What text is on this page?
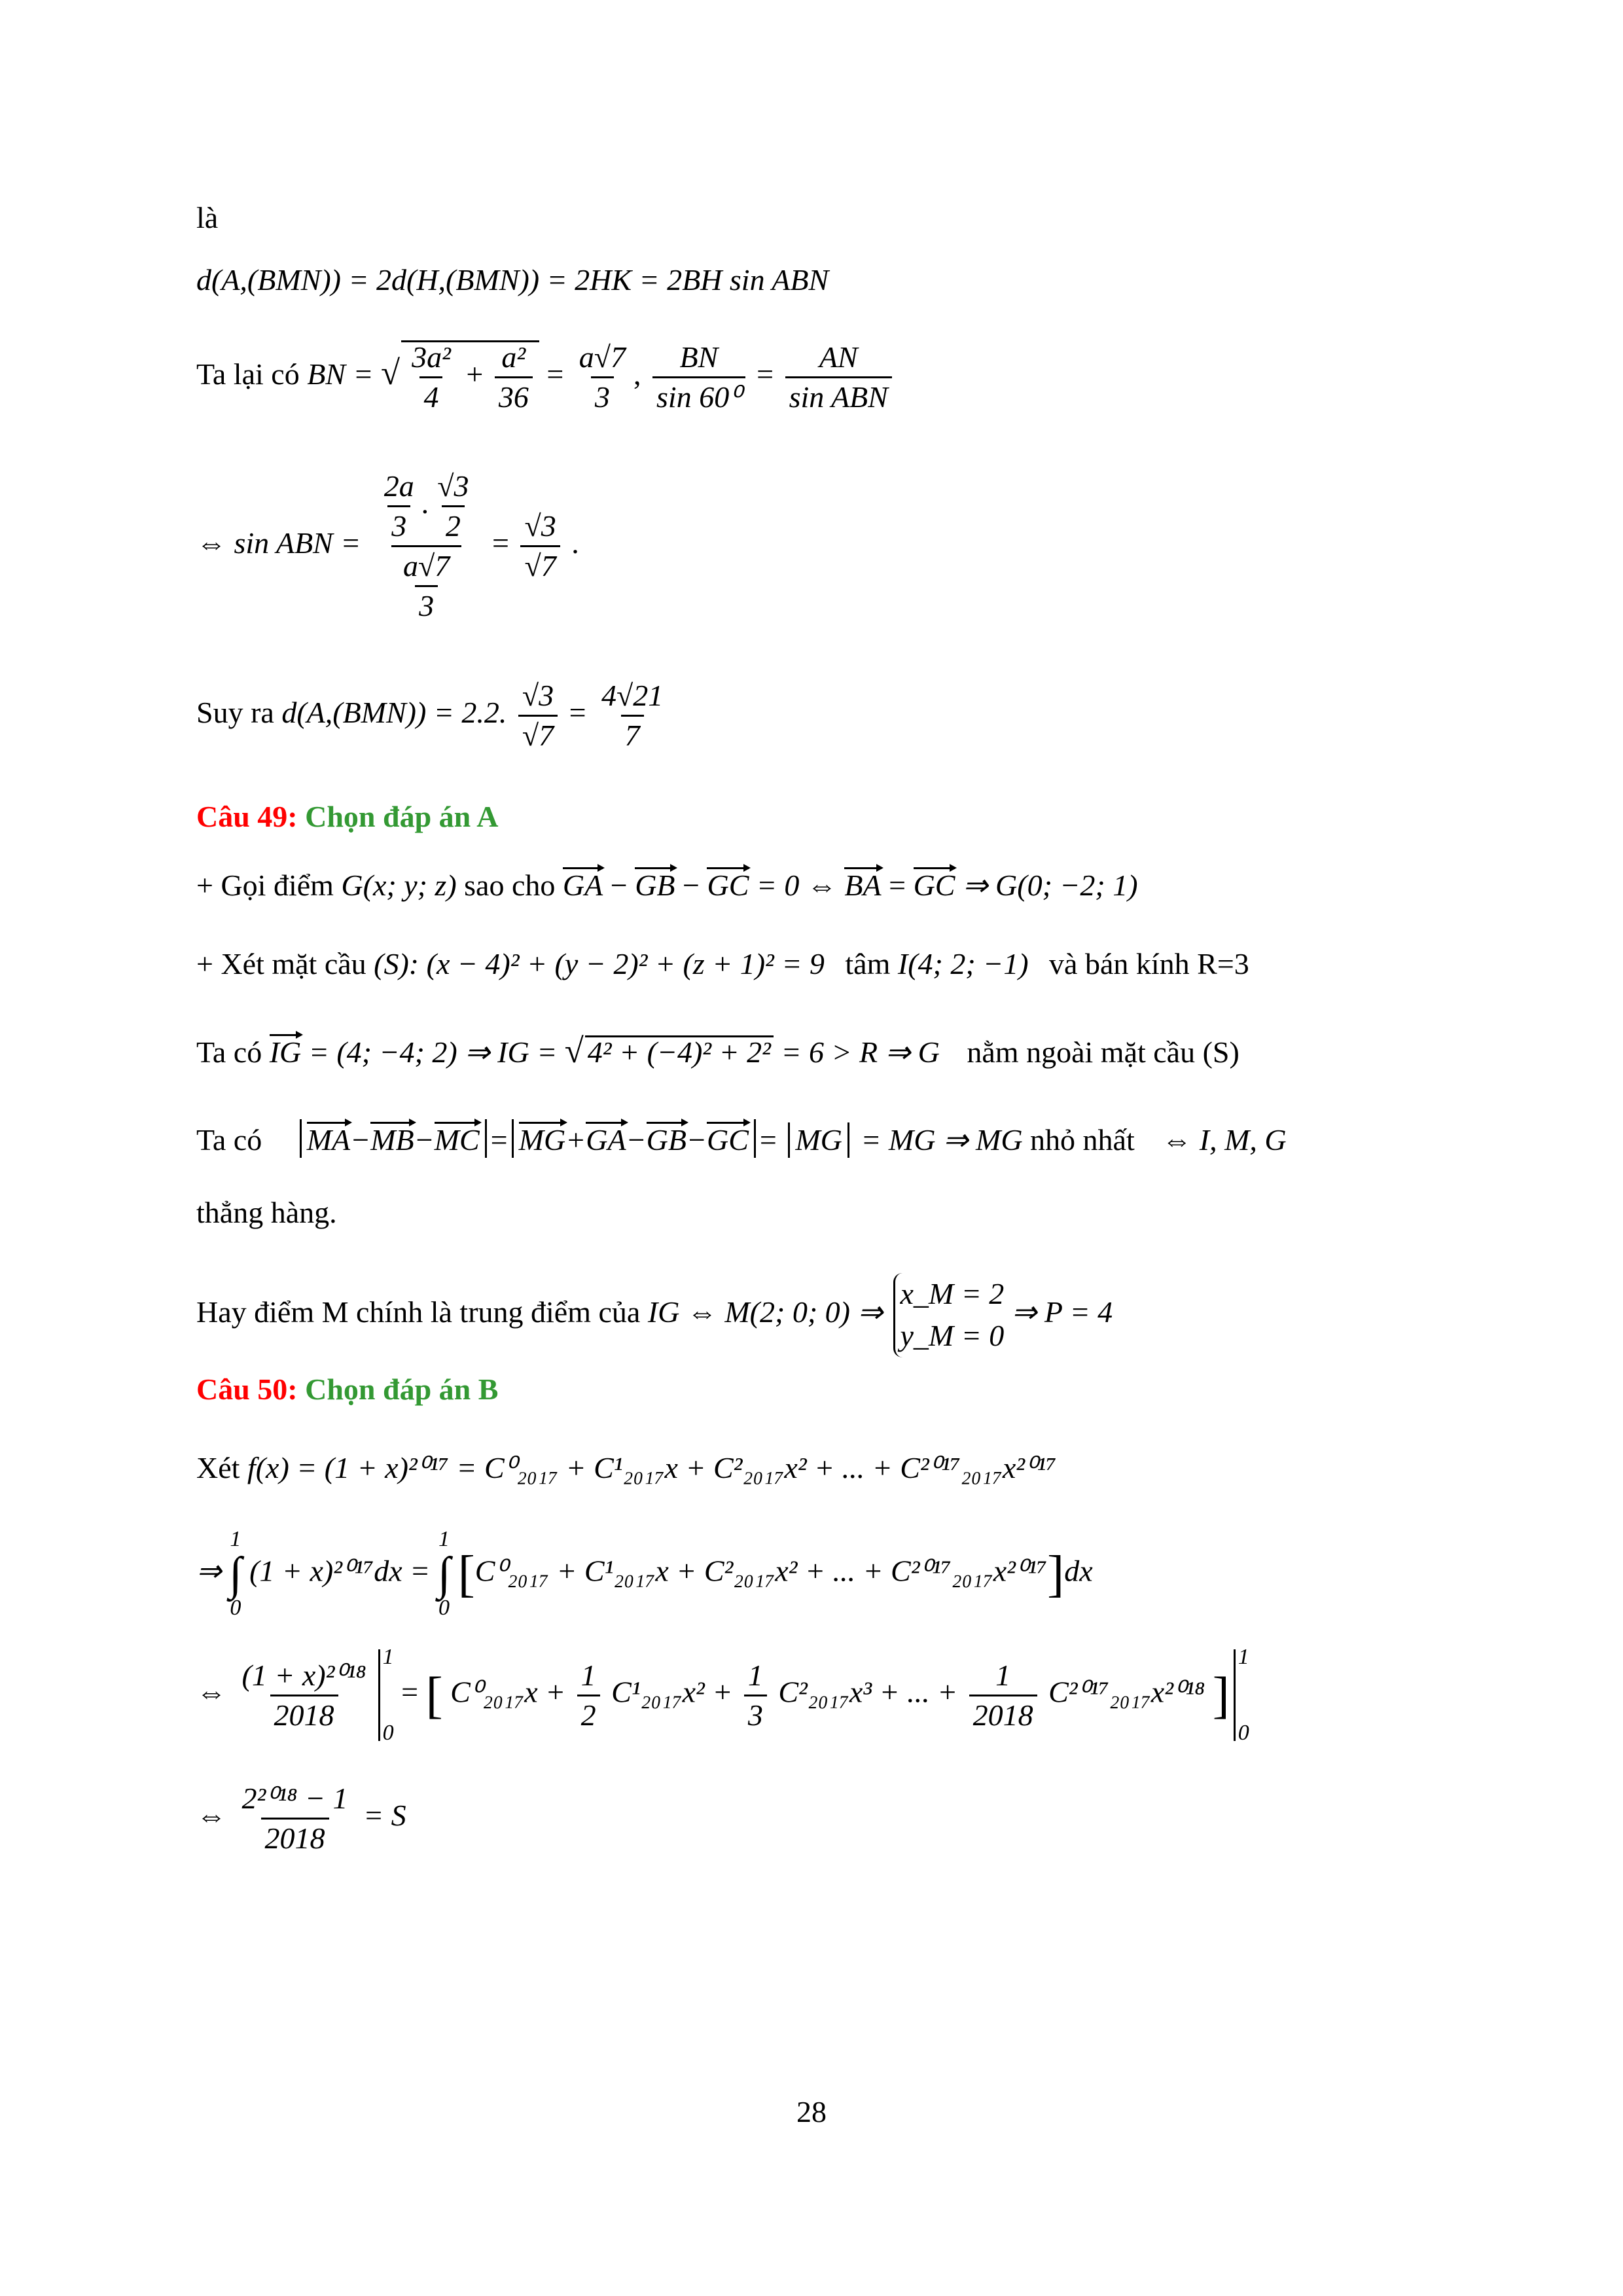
là
d(A,(BMN)) = 2d(H,(BMN)) = 2HK = 2BH sin ABN
Ta lại có BN = √ $\frac{\text{3a²}}{4} + \frac{\text{a²}}{36} = \frac{a√7}{3}$ , $\frac{BN}{\text{sin 60⁰}} = \frac{AN}{\text{sin ABN}}$
⇔ sin ABN = $\frac{\frac{2a}{3} . \frac{√3}{2}}{\frac{a√7}{3}} = \frac{√3}{√7}$ .
Suy ra d(A,(BMN)) = 2.2. $\frac{√3}{√7} = \frac{4√21}{7}$
Câu 49: Chọn đáp án A
+ Gọi điểm G(x; y; z) sao cho GA − GB − GC = 0 ⇔ BA = GC ⇒ G(0; −2; 1)
+ Xét mặt cầu (S): (x − 4)² + (y − 2)² + (z + 1)² = 9 tâm I(4; 2; −1) và bán kính R=3
Ta có IG = (4; −4; 2) ⇒ IG = √ 4² + (−4)² + 2² = 6 > R ⇒ G nằm ngoài mặt cầu (S)
Ta có MA−MB−MC = MG+GA−GB−GC = MG = MG ⇒ MG nhỏ nhất ⇔ I, M, G
thẳng hàng.
Hay điểm M chính là trung điểm của IG ⇔ M(2; 0; 0) ⇒
x_M = 2
y_M = 0
⇒ P = 4
Câu 50: Chọn đáp án B
Xét f(x) = (1 + x)²⁰¹⁷ = C⁰₂₀₁₇ + C¹₂₀₁₇x + C²₂₀₁₇x² + ... + C²⁰¹⁷₂₀₁₇x²⁰¹⁷
⇒
1
∫
0
(1 + x)²⁰¹⁷dx =
1
∫
0
[C⁰₂₀₁₇ + C¹₂₀₁₇x + C²₂₀₁₇x² + ... + C²⁰¹⁷₂₀₁₇x²⁰¹⁷]dx
⇔ $\frac{\text{(1 + x)²⁰¹⁸}}{2018}$
1
0
= [ $C^0_{2017}x + \frac{1}{2} C^1_{2017}x^2 + \frac{1}{3} C^2_{2017}x^3$ + ... + $\frac{1}{2018} C^{2017}_{2017}x^{2018}$ ]
1
0
⇔ $\frac{\text{2²⁰¹⁸ − 1}}{2018} = S$
28
